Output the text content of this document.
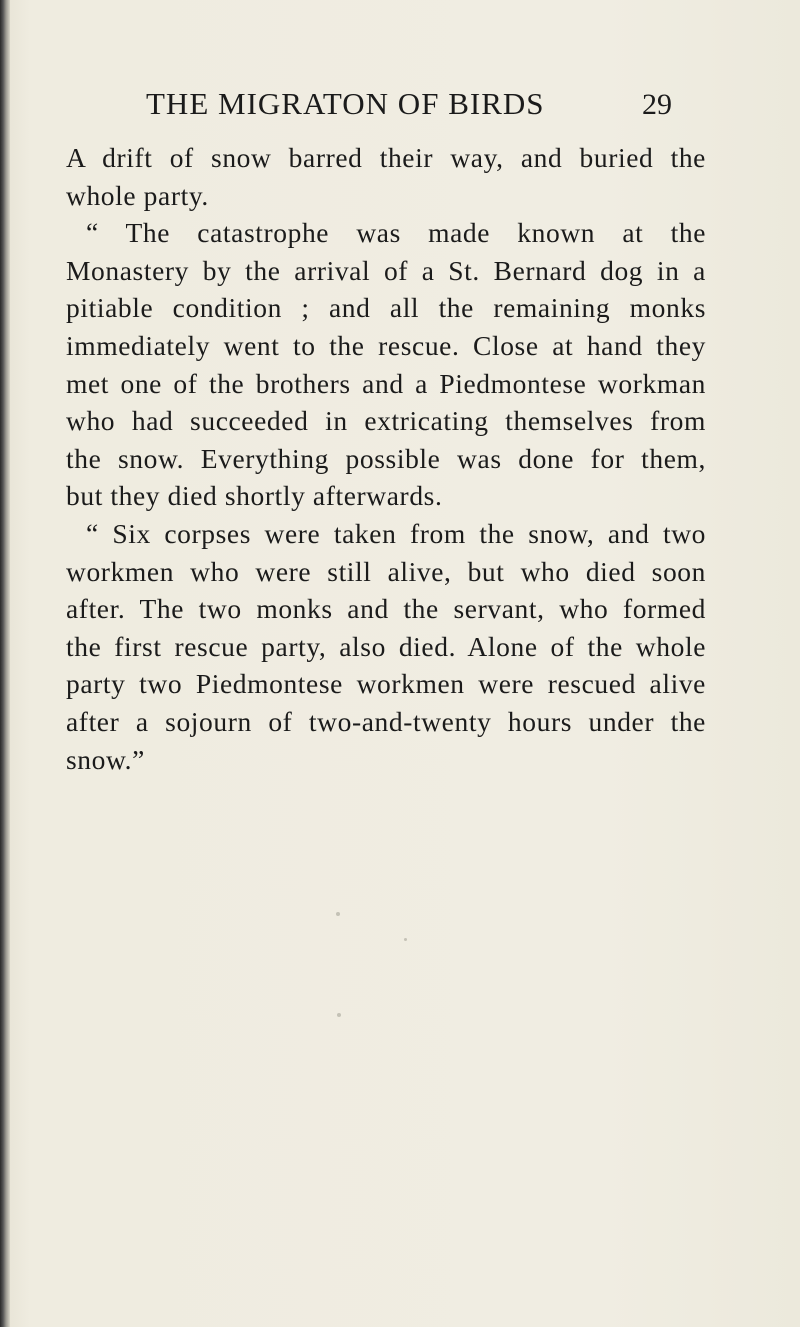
THE MIGRATON OF BIRDS	29
A drift of snow barred their way, and buried the
whole party.
“ The catastrophe was made known at the
Monastery by the arrival of a St. Bernard dog in a
pitiable condition ; and all the remaining monks
immediately went to the rescue. Close at hand they
met one of the brothers and a Piedmontese workman
who had succeeded in extricating themselves from
the snow. Everything possible was done for them,
but they died shortly afterwards.
“ Six corpses were taken from the snow, and two
workmen who were still alive, but who died soon
after. The two monks and the servant, who formed
the first rescue party, also died. Alone of the whole
party two Piedmontese workmen were rescued alive
after a sojourn of two-and-twenty hours under the
snow.”
